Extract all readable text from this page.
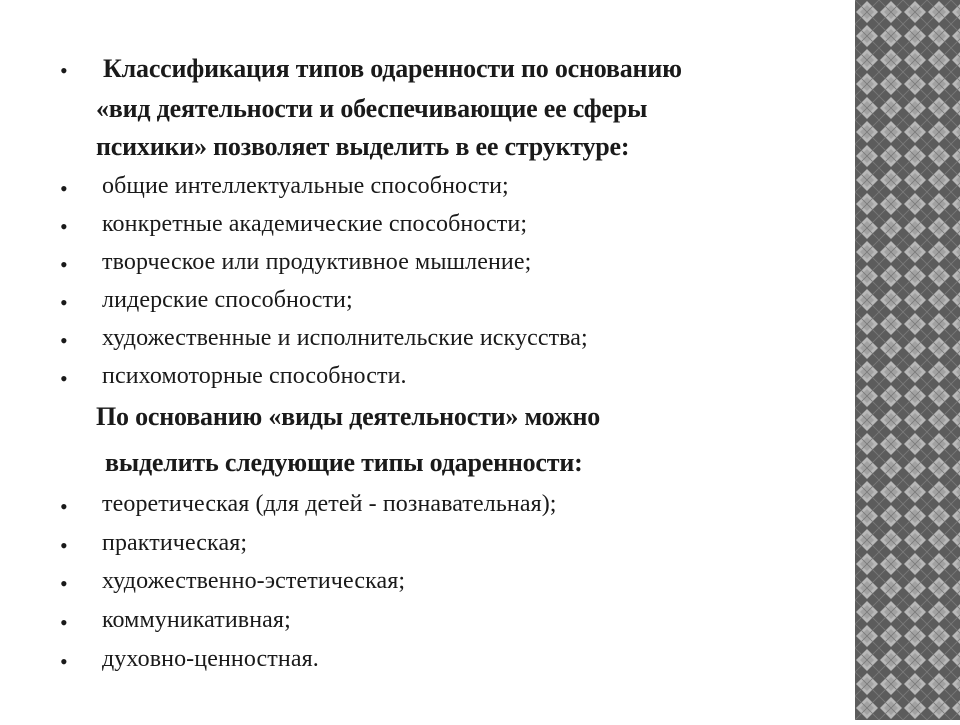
• Классификация типов одаренности по основанию
«вид деятельности и обеспечивающие ее сферы
психики» позволяет выделить в ее структуре:
• общие интеллектуальные способности;
• конкретные академические способности;
• творческое или продуктивное мышление;
• лидерские способности;
• художественные и исполнительские искусства;
• психомоторные способности.
По основанию «виды деятельности» можно
выделить следующие типы одаренности:
• теоретическая (для детей - познавательная);
• практическая;
• художественно-эстетическая;
• коммуникативная;
• духовно-ценностная.
